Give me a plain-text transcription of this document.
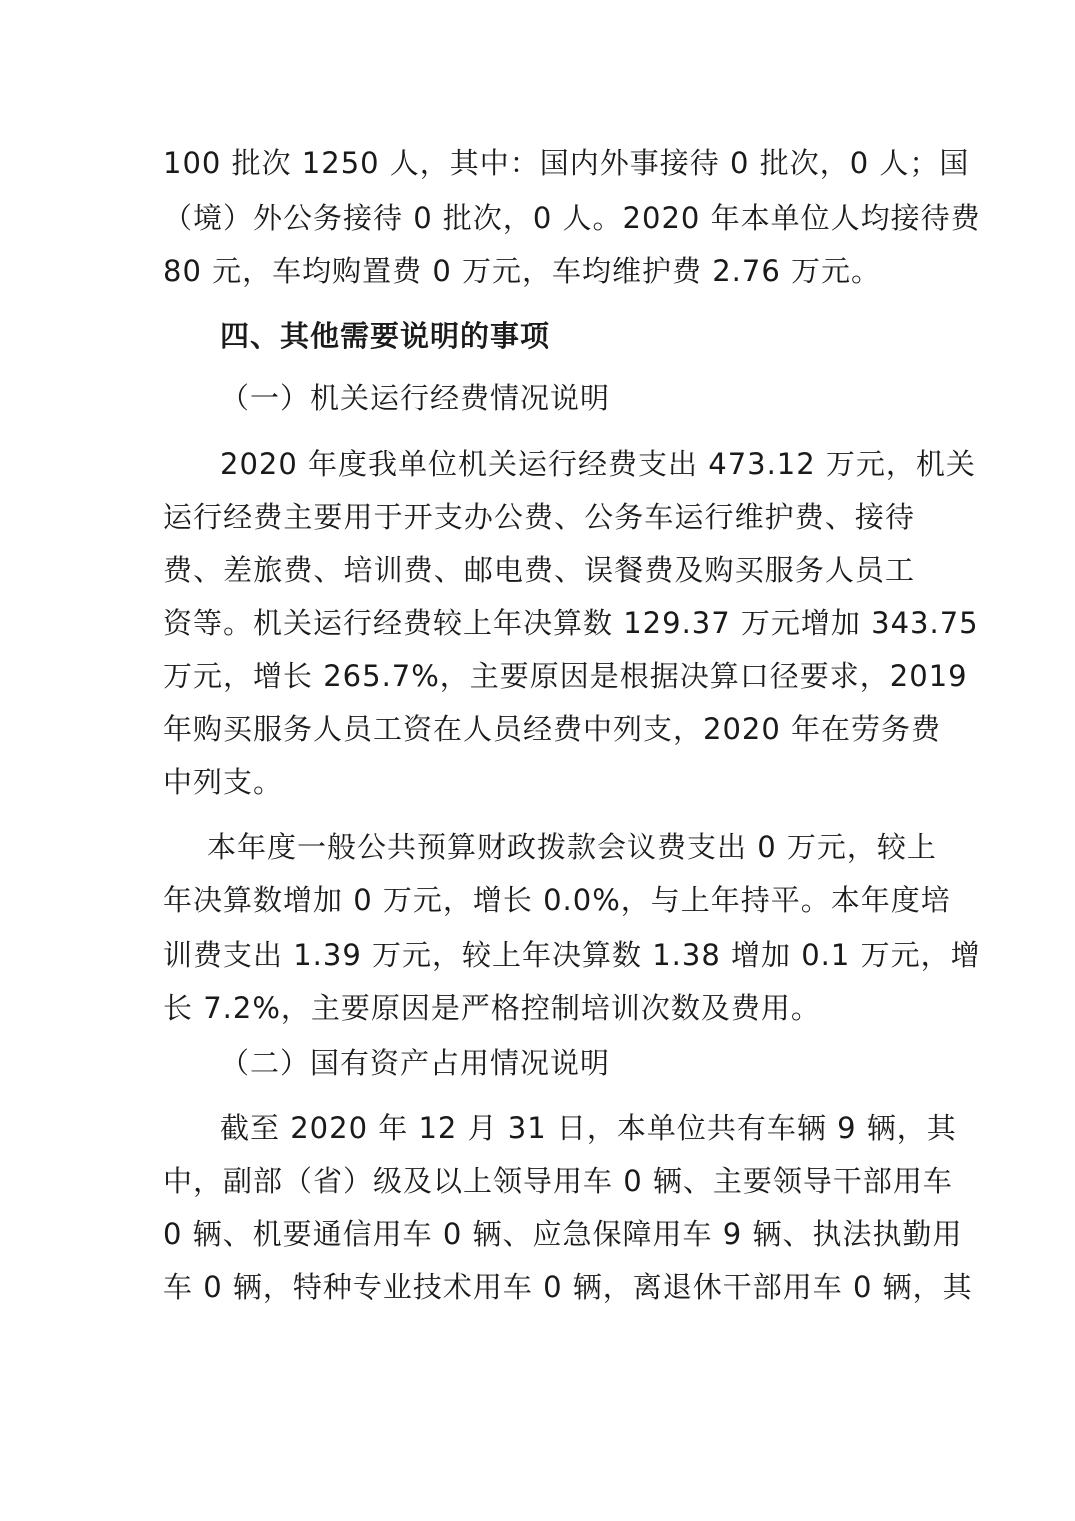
100 批次 1250 人，其中：国内外事接待 0 批次，0 人；国
（境）外公务接待 0 批次，0 人。2020 年本单位人均接待费
80 元，车均购置费 0 万元，车均维护费 2.76 万元。
四、其他需要说明的事项
（一）机关运行经费情况说明
2020 年度我单位机关运行经费支出 473.12 万元，机关
运行经费主要用于开支办公费、公务车运行维护费、接待
费、差旅费、培训费、邮电费、误餐费及购买服务人员工
资等。机关运行经费较上年决算数 129.37 万元增加 343.75
万元，增长 265.7%，主要原因是根据决算口径要求，2019
年购买服务人员工资在人员经费中列支，2020 年在劳务费
中列支。
本年度一般公共预算财政拨款会议费支出 0 万元，较上
年决算数增加 0 万元，增长 0.0%，与上年持平。本年度培
训费支出 1.39 万元，较上年决算数 1.38 增加 0.1 万元，增
长 7.2%，主要原因是严格控制培训次数及费用。
（二）国有资产占用情况说明
截至 2020 年 12 月 31 日，本单位共有车辆 9 辆，其
中，副部（省）级及以上领导用车 0 辆、主要领导干部用车
0 辆、机要通信用车 0 辆、应急保障用车 9 辆、执法执勤用
车 0 辆，特种专业技术用车 0 辆，离退休干部用车 0 辆，其
